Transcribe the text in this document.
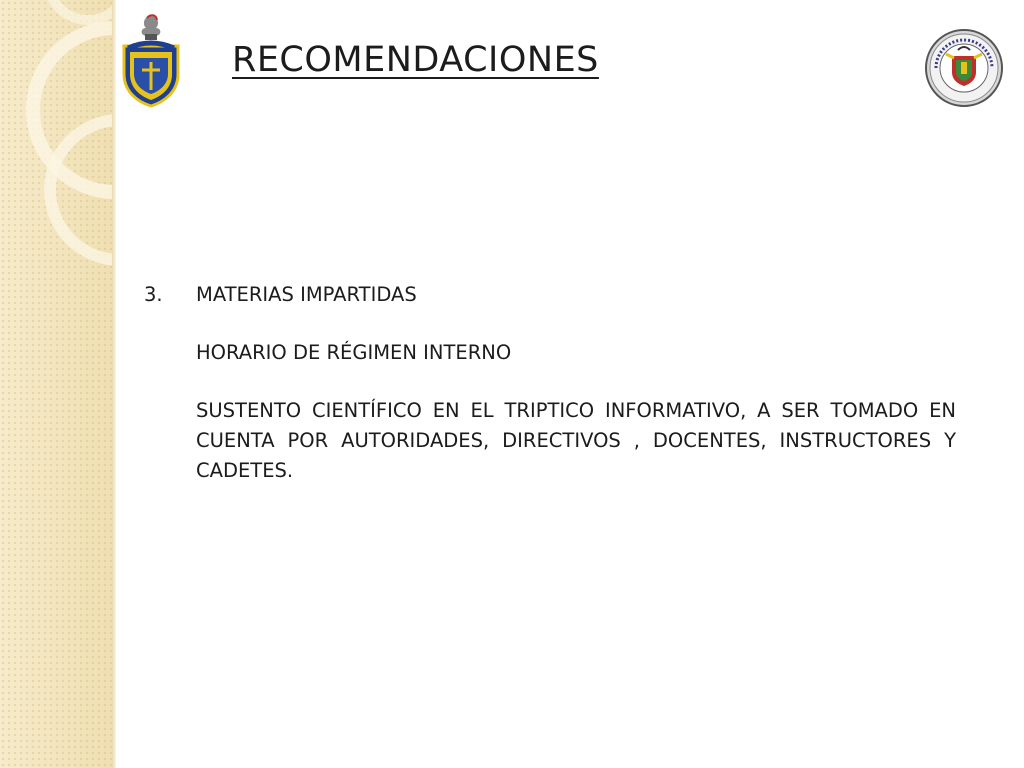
RECOMENDACIONES
3. MATERIAS IMPARTIDAS
HORARIO DE RÉGIMEN INTERNO
SUSTENTO CIENTÍFICO EN EL TRIPTICO INFORMATIVO, A SER TOMADO EN CUENTA POR AUTORIDADES, DIRECTIVOS , DOCENTES, INSTRUCTORES Y CADETES.
